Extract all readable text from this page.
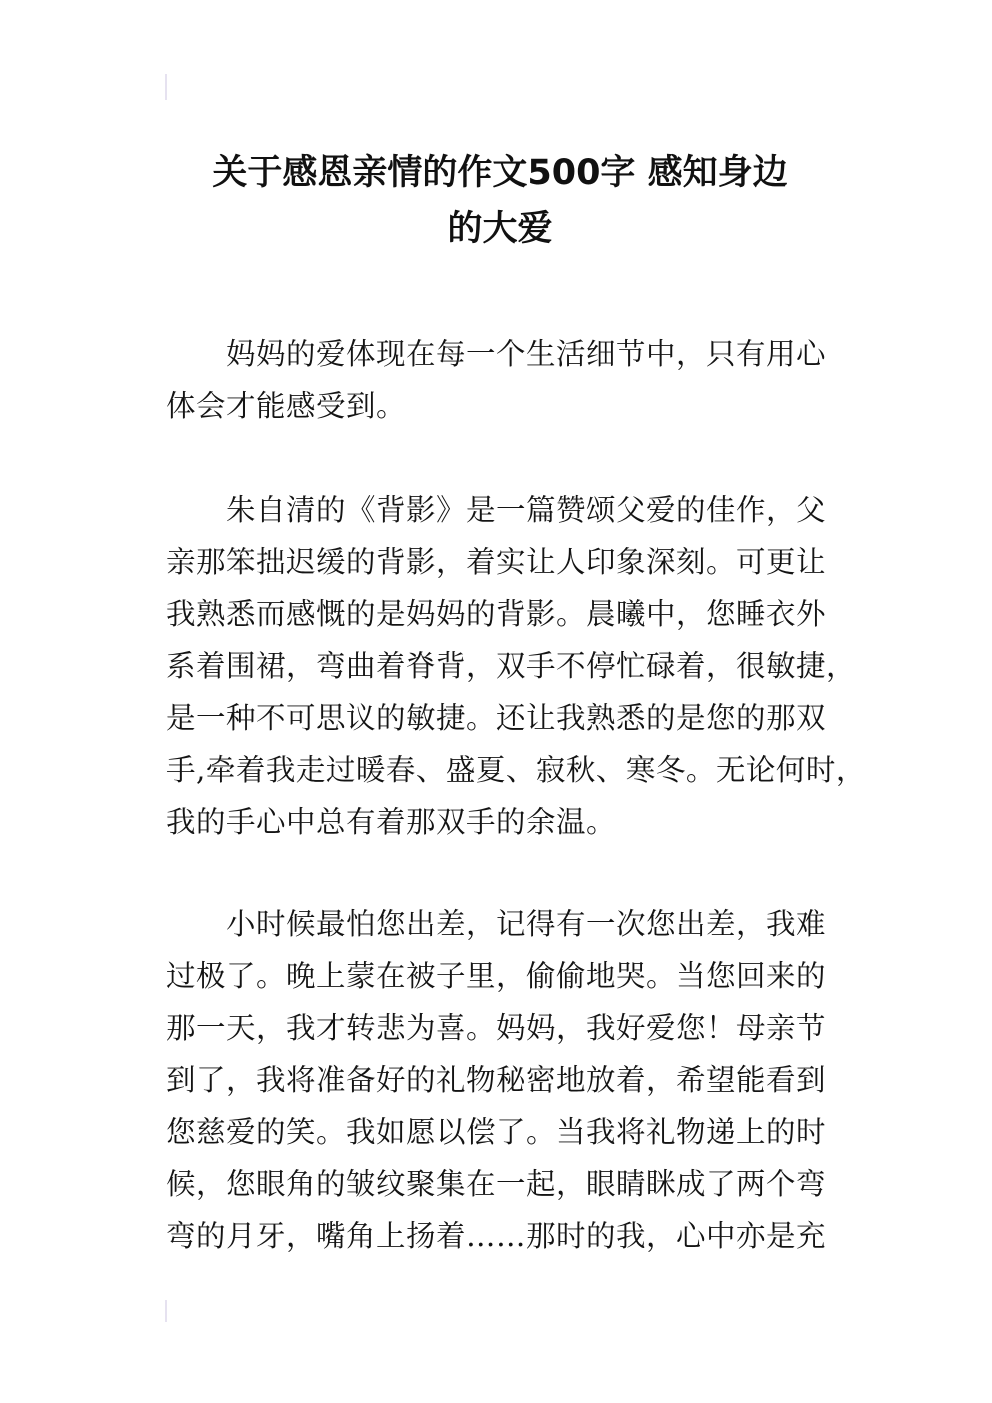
关于感恩亲情的作文500字 感知身边
的大爱
妈妈的爱体现在每一个生活细节中，只有用心
体会才能感受到。
朱自清的《背影》是一篇赞颂父爱的佳作，父
亲那笨拙迟缓的背影，着实让人印象深刻。可更让
我熟悉而感慨的是妈妈的背影。晨曦中，您睡衣外
系着围裙，弯曲着脊背，双手不停忙碌着，很敏捷，
是一种不可思议的敏捷。还让我熟悉的是您的那双
手,牵着我走过暖春、盛夏、寂秋、寒冬。无论何时，
我的手心中总有着那双手的余温。
小时候最怕您出差，记得有一次您出差，我难
过极了。晚上蒙在被子里，偷偷地哭。当您回来的
那一天，我才转悲为喜。妈妈，我好爱您！母亲节
到了，我将准备好的礼物秘密地放着，希望能看到
您慈爱的笑。我如愿以偿了。当我将礼物递上的时
候，您眼角的皱纹聚集在一起，眼睛眯成了两个弯
弯的月牙，嘴角上扬着……那时的我，心中亦是充
